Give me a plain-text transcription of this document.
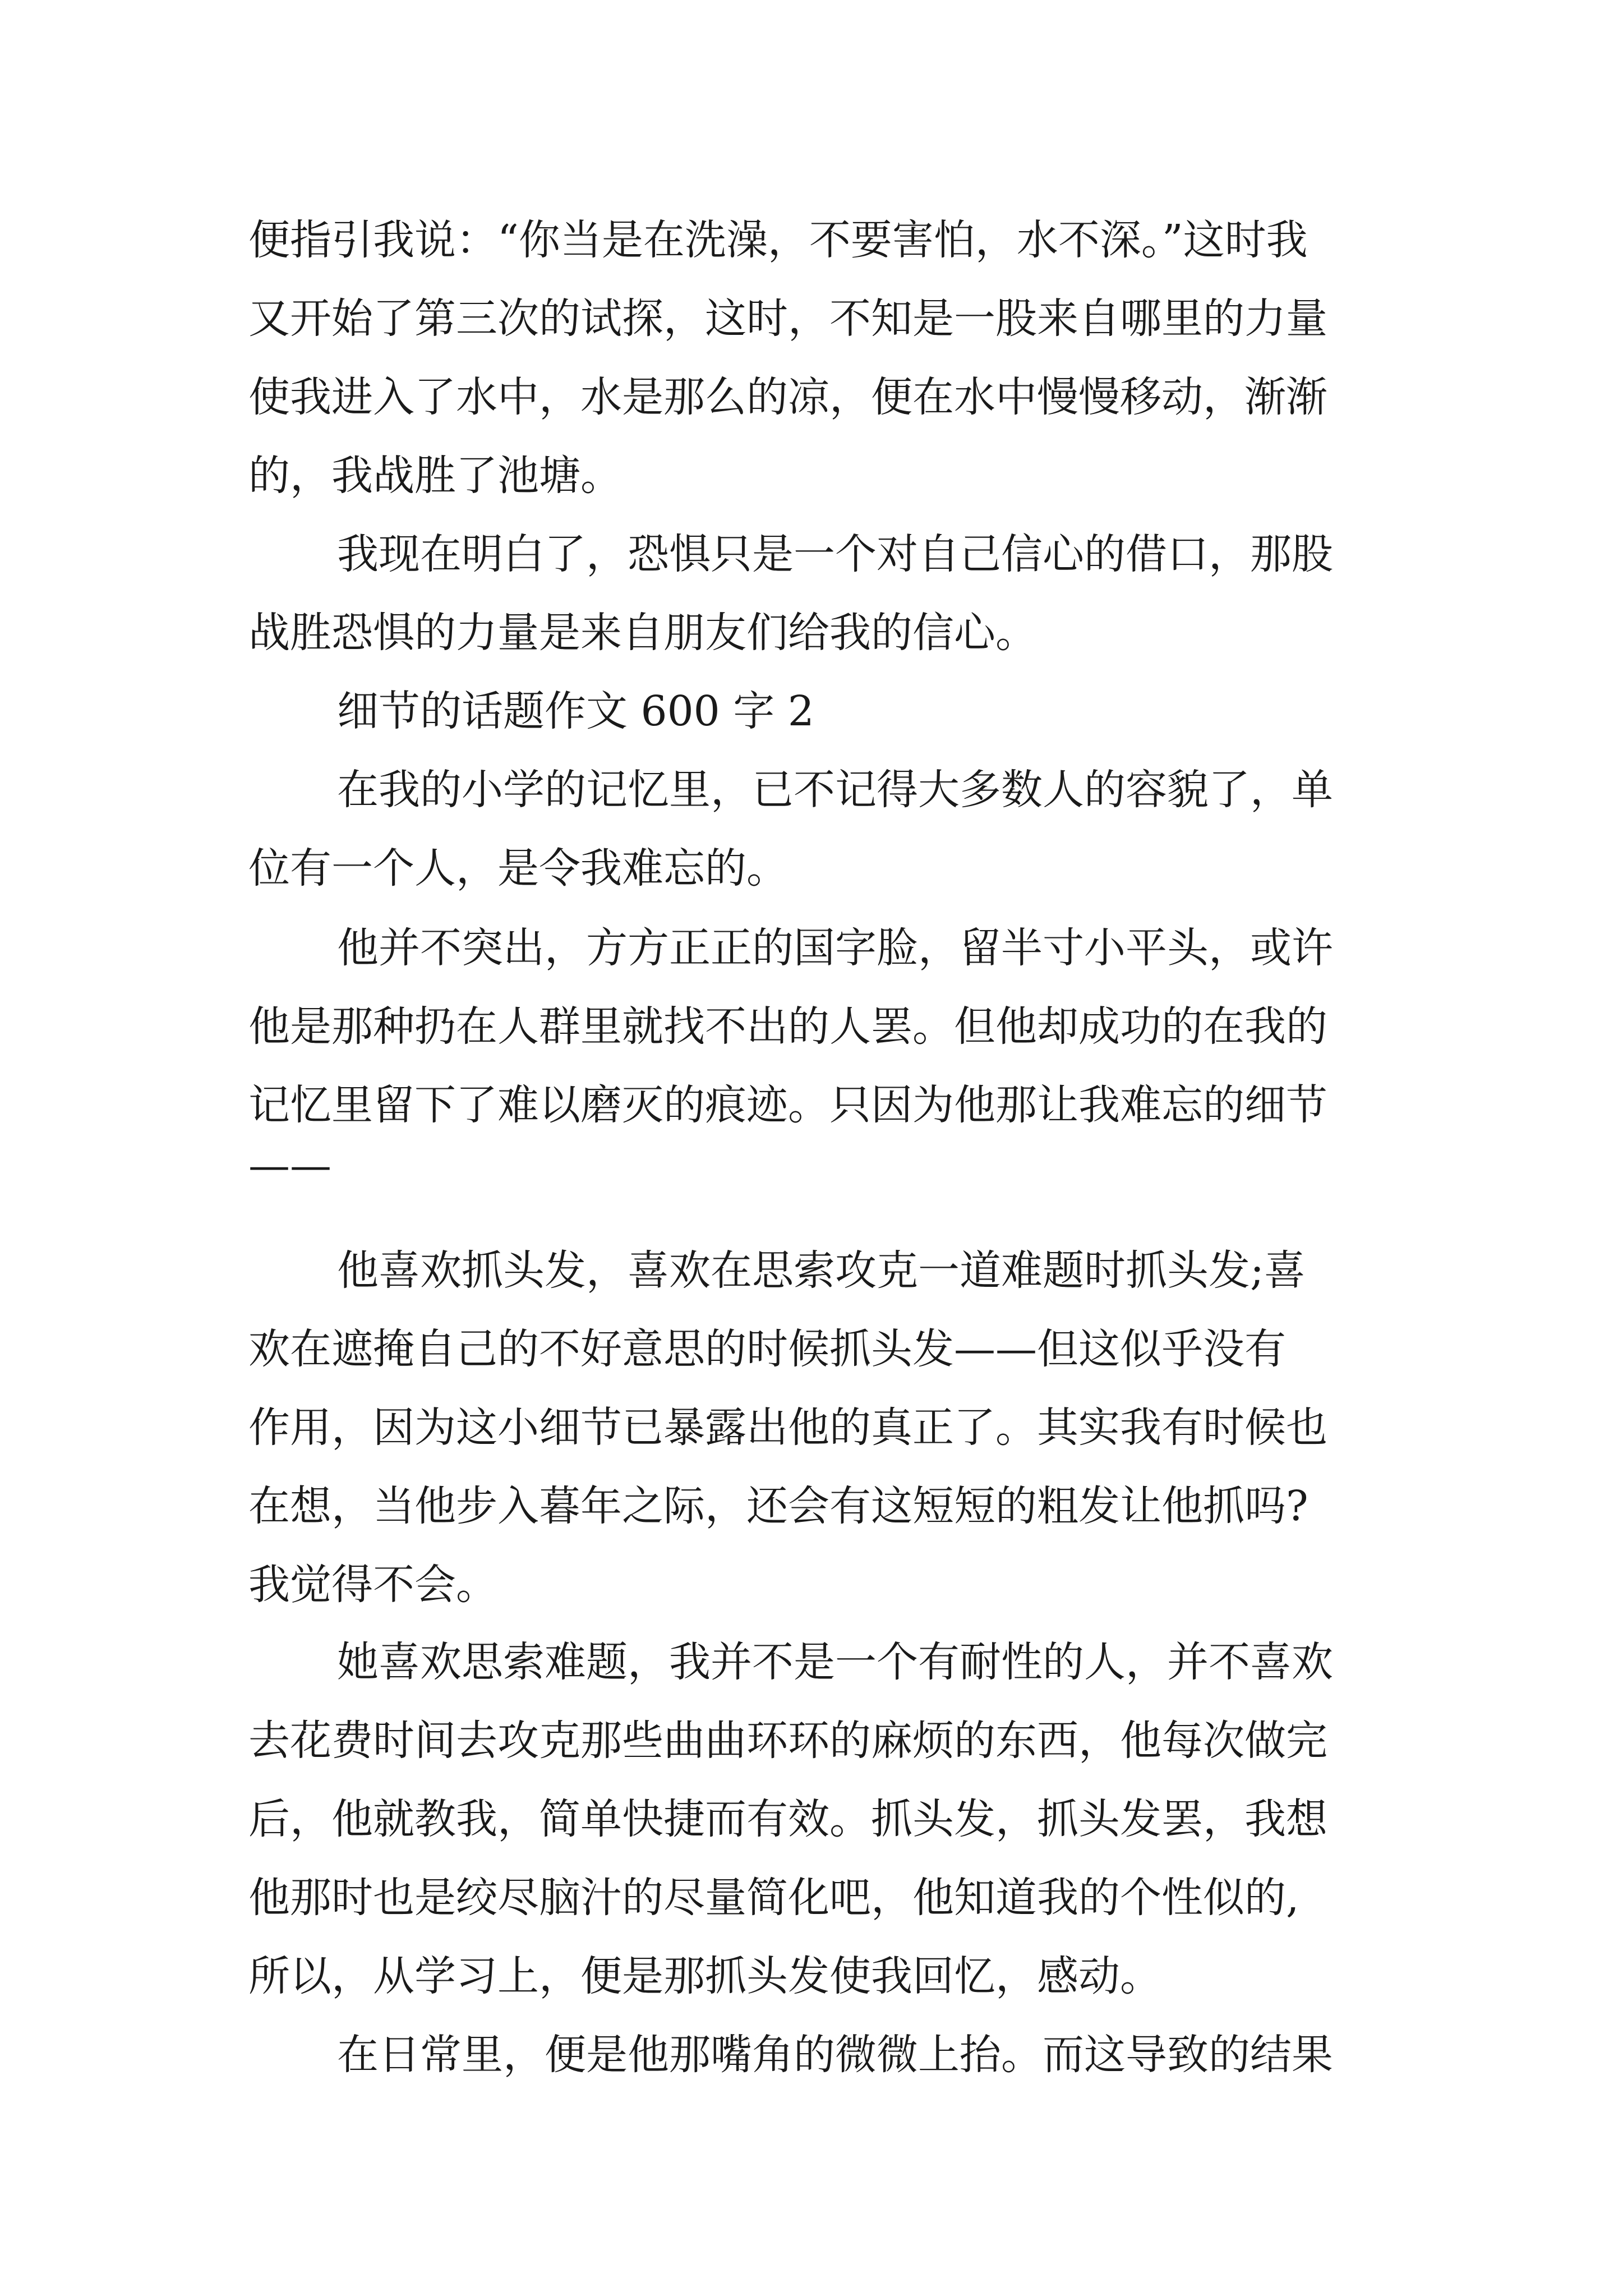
便指引我说：“你当是在洗澡，不要害怕，水不深。”这时我
又开始了第三次的试探，这时，不知是一股来自哪里的力量
使我进入了水中，水是那么的凉，便在水中慢慢移动，渐渐
的，我战胜了池塘。
我现在明白了，恐惧只是一个对自己信心的借口，那股
战胜恐惧的力量是来自朋友们给我的信心。
细节的话题作文 600 字 2
在我的小学的记忆里，已不记得大多数人的容貌了，单
位有一个人，是令我难忘的。
他并不突出，方方正正的国字脸，留半寸小平头，或许
他是那种扔在人群里就找不出的人罢。但他却成功的在我的
记忆里留下了难以磨灭的痕迹。只因为他那让我难忘的细节
——
他喜欢抓头发，喜欢在思索攻克一道难题时抓头发;喜
欢在遮掩自己的不好意思的时候抓头发——但这似乎没有
作用，因为这小细节已暴露出他的真正了。其实我有时候也
在想，当他步入暮年之际，还会有这短短的粗发让他抓吗?
我觉得不会。
她喜欢思索难题，我并不是一个有耐性的人，并不喜欢
去花费时间去攻克那些曲曲环环的麻烦的东西，他每次做完
后，他就教我，简单快捷而有效。抓头发，抓头发罢，我想
他那时也是绞尽脑汁的尽量简化吧，他知道我的个性似的,
所以，从学习上，便是那抓头发使我回忆，感动。
在日常里，便是他那嘴角的微微上抬。而这导致的结果
